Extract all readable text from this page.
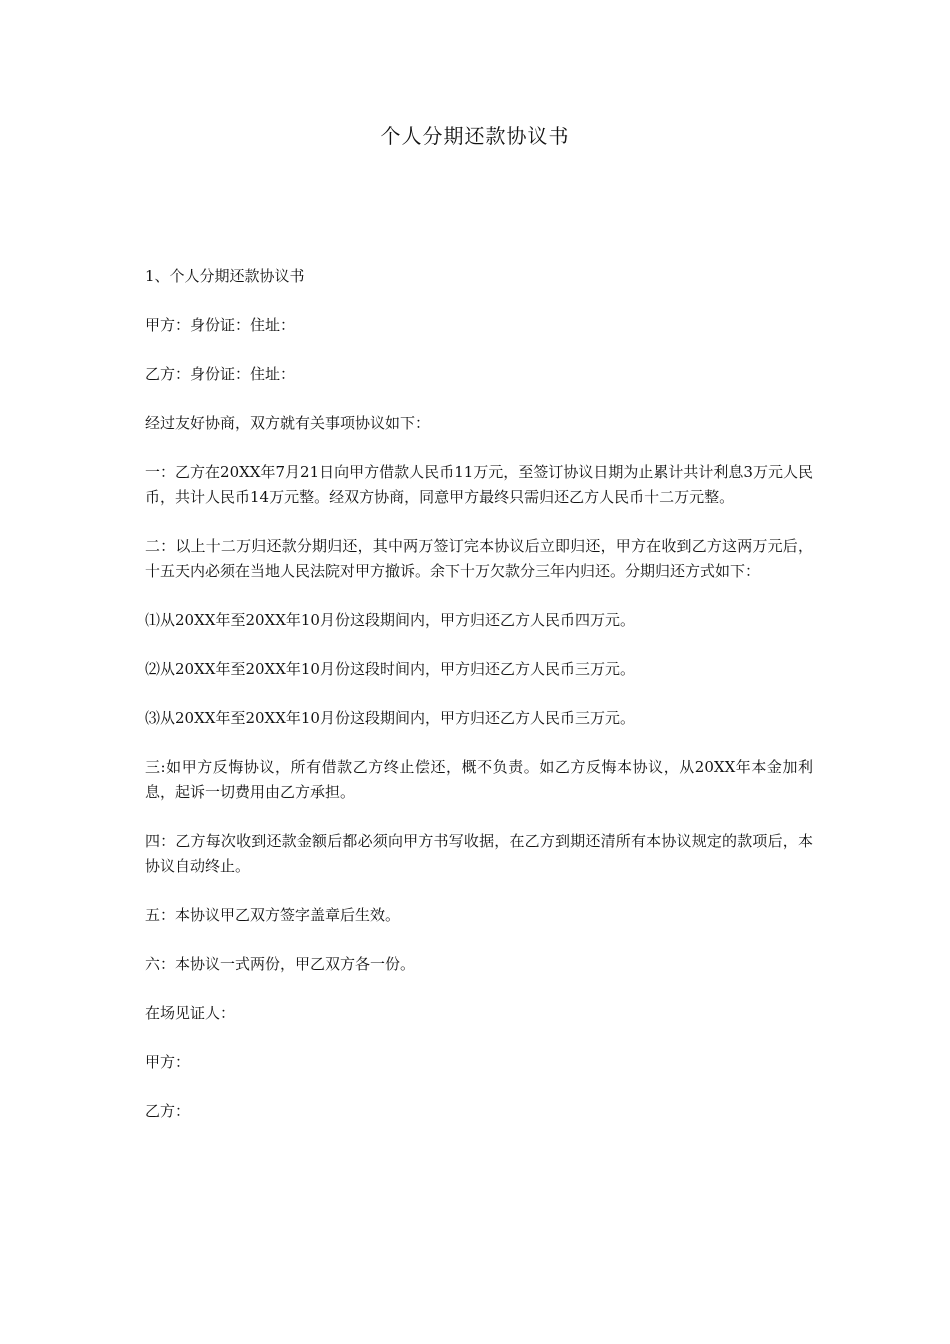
个人分期还款协议书

1、个人分期还款协议书

甲方：身份证：住址：

乙方：身份证：住址：

经过友好协商，双方就有关事项协议如下：

一：乙方在20XX年7月21日向甲方借款人民币11万元，至签订协议日期为止累计共计利息3万元人民币，共计人民币14万元整。经双方协商，同意甲方最终只需归还乙方人民币十二万元整。

二：以上十二万归还款分期归还，其中两万签订完本协议后立即归还，甲方在收到乙方这两万元后，十五天内必须在当地人民法院对甲方撤诉。余下十万欠款分三年内归还。分期归还方式如下：

⑴从20XX年至20XX年10月份这段期间内，甲方归还乙方人民币四万元。

⑵从20XX年至20XX年10月份这段时间内，甲方归还乙方人民币三万元。

⑶从20XX年至20XX年10月份这段期间内，甲方归还乙方人民币三万元。

三:如甲方反悔协议，所有借款乙方终止偿还，概不负责。如乙方反悔本协议，从20XX年本金加利息，起诉一切费用由乙方承担。

四：乙方每次收到还款金额后都必须向甲方书写收据，在乙方到期还清所有本协议规定的款项后，本协议自动终止。

五：本协议甲乙双方签字盖章后生效。

六：本协议一式两份，甲乙双方各一份。

在场见证人：

甲方：

乙方：
